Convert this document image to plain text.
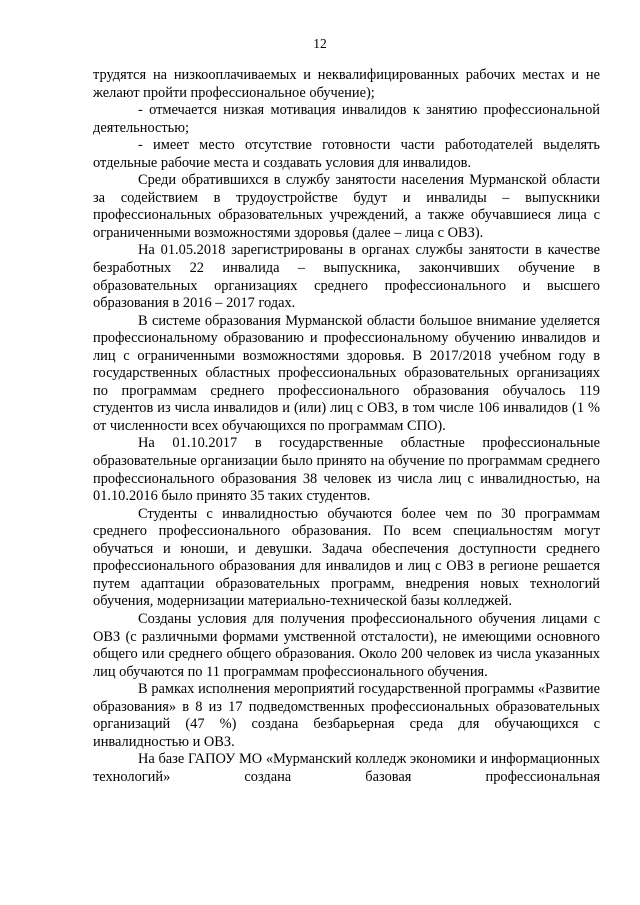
12

трудятся на низкооплачиваемых и неквалифицированных рабочих местах и не желают пройти профессиональное обучение);

- отмечается низкая мотивация инвалидов к занятию профессиональной деятельностью;

- имеет место отсутствие готовности части работодателей выделять отдельные рабочие места и создавать условия для инвалидов.

Среди обратившихся в службу занятости населения Мурманской области за содействием в трудоустройстве будут и инвалиды – выпускники профессиональных образовательных учреждений, а также обучавшиеся лица с ограниченными возможностями здоровья (далее – лица с ОВЗ).

На 01.05.2018 зарегистрированы в органах службы занятости в качестве безработных 22 инвалида – выпускника, закончивших обучение в образовательных организациях среднего профессионального и высшего образования в 2016 – 2017 годах.

В системе образования Мурманской области большое внимание уделяется профессиональному образованию и профессиональному обучению инвалидов и лиц с ограниченными возможностями здоровья. В 2017/2018 учебном году в государственных областных профессиональных образовательных организациях по программам среднего профессионального образования обучалось 119 студентов из числа инвалидов и (или) лиц с ОВЗ, в том числе 106 инвалидов (1 % от численности всех обучающихся по программам СПО).

На 01.10.2017 в государственные областные профессиональные образовательные организации было принято на обучение по программам среднего профессионального образования 38 человек из числа лиц с инвалидностью, на 01.10.2016 было принято 35 таких студентов.

Студенты с инвалидностью обучаются более чем по 30 программам среднего профессионального образования. По всем специальностям могут обучаться и юноши, и девушки. Задача обеспечения доступности среднего профессионального образования для инвалидов и лиц с ОВЗ в регионе решается путем адаптации образовательных программ, внедрения новых технологий обучения, модернизации материально-технической базы колледжей.

Созданы условия для получения профессионального обучения лицами с ОВЗ (с различными формами умственной отсталости), не имеющими основного общего или среднего общего образования. Около 200 человек из числа указанных лиц обучаются по 11 программам профессионального обучения.

В рамках исполнения мероприятий государственной программы «Развитие образования» в 8 из 17 подведомственных профессиональных образовательных организаций (47 %) создана безбарьерная среда для обучающихся с инвалидностью и ОВЗ.

На базе ГАПОУ МО «Мурманский колледж экономики и информационных технологий» создана базовая профессиональная
